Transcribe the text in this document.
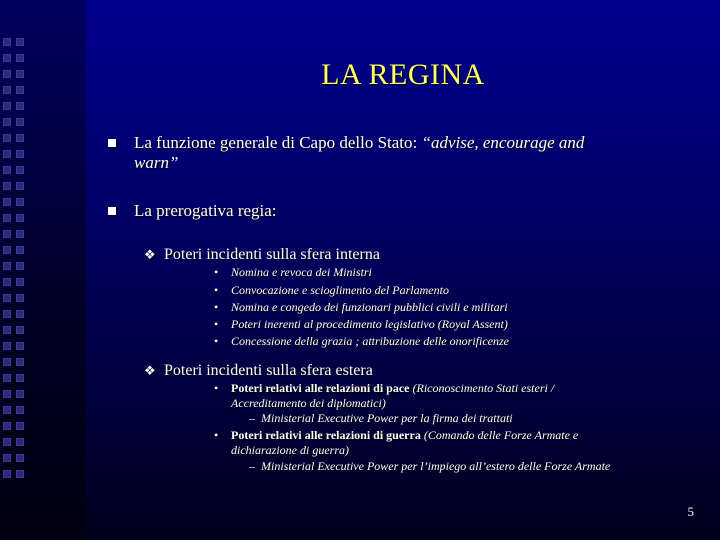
LA REGINA
La funzione generale di Capo dello Stato: “advise, encourage and
warn”
La prerogativa regia:
❖ Poteri incidenti sulla sfera interna
• Nomina e revoca dei Ministri
• Convocazione e scioglimento del Parlamento
• Nomina e congedo dei funzionari pubblici civili e militari
• Poteri inerenti al procedimento legislativo (Royal Assent)
• Concessione della grazia ; attribuzione delle onorificenze
❖ Poteri incidenti sulla sfera estera
• Poteri relativi alle relazioni di pace (Riconoscimento Stati esteri /
Accreditamento dei diplomatici)
– Ministerial Executive Power per la firma dei trattati
• Poteri relativi alle relazioni di guerra (Comando delle Forze Armate e
dichiarazione di guerra)
– Ministerial Executive Power per l’impiego all’estero delle Forze Armate
5
